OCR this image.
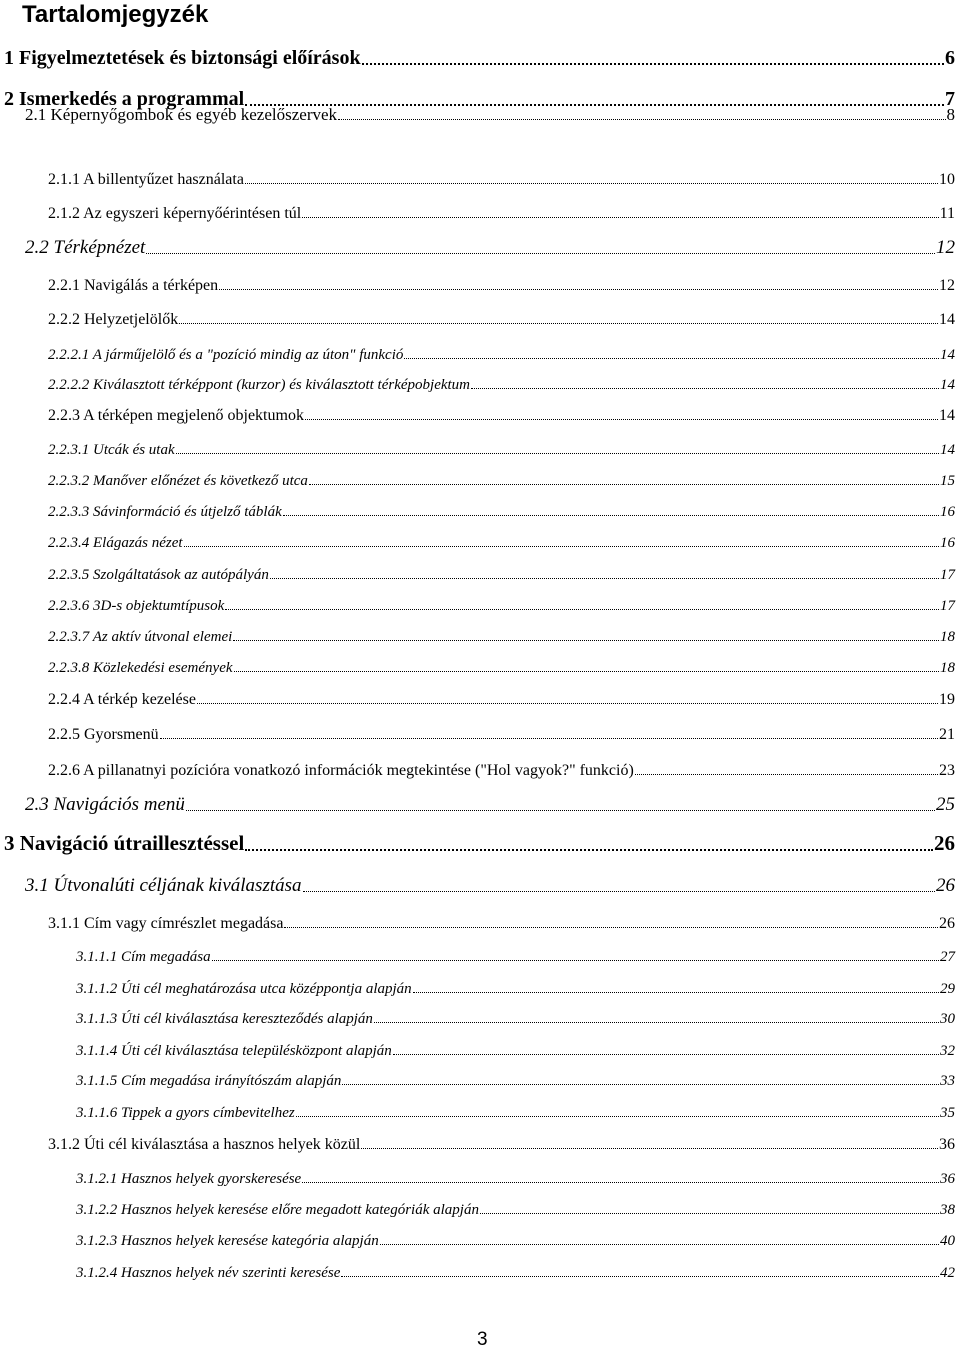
Tartalomjegyzék
1 Figyelmeztetések és biztonsági előírások	6
2 Ismerkedés a programmal	7
2.1 Képernyőgombok és egyéb kezelőszervek	8
2.1.1 A billentyűzet használata	10
2.1.2 Az egyszeri képernyőérintésen túl	11
2.2 Térképnézet	12
2.2.1 Navigálás a térképen	12
2.2.2 Helyzetjelölők	14
2.2.2.1 A járműjelölő és a "pozíció mindig az úton" funkció	14
2.2.2.2 Kiválasztott térképpont (kurzor) és kiválasztott térképobjektum	14
2.2.3 A térképen megjelenő objektumok	14
2.2.3.1 Utcák és utak	14
2.2.3.2 Manőver előnézet és következő utca	15
2.2.3.3 Sávinformáció és útjelző táblák	16
2.2.3.4 Elágazás nézet	16
2.2.3.5 Szolgáltatások az autópályán	17
2.2.3.6 3D-s objektumtípusok	17
2.2.3.7 Az aktív útvonal elemei	18
2.2.3.8 Közlekedési események	18
2.2.4 A térkép kezelése	19
2.2.5 Gyorsmenü	21
2.2.6 A pillanatnyi pozícióra vonatkozó információk megtekintése ("Hol vagyok?" funkció)	23
2.3 Navigációs menü	25
3 Navigáció útraillesztéssel	26
3.1 Útvonalúti céljának kiválasztása	26
3.1.1 Cím vagy címrészlet megadása	26
3.1.1.1 Cím megadása	27
3.1.1.2 Úti cél meghatározása utca középpontja alapján	29
3.1.1.3 Úti cél kiválasztása kereszteződés alapján	30
3.1.1.4 Úti cél kiválasztása településközpont alapján	32
3.1.1.5 Cím megadása irányítószám alapján	33
3.1.1.6 Tippek a gyors címbevitelhez	35
3.1.2 Úti cél kiválasztása a hasznos helyek közül	36
3.1.2.1 Hasznos helyek gyorskeresése	36
3.1.2.2 Hasznos helyek keresése előre megadott kategóriák alapján	38
3.1.2.3 Hasznos helyek keresése kategória alapján	40
3.1.2.4 Hasznos helyek név szerinti keresése	42
3
